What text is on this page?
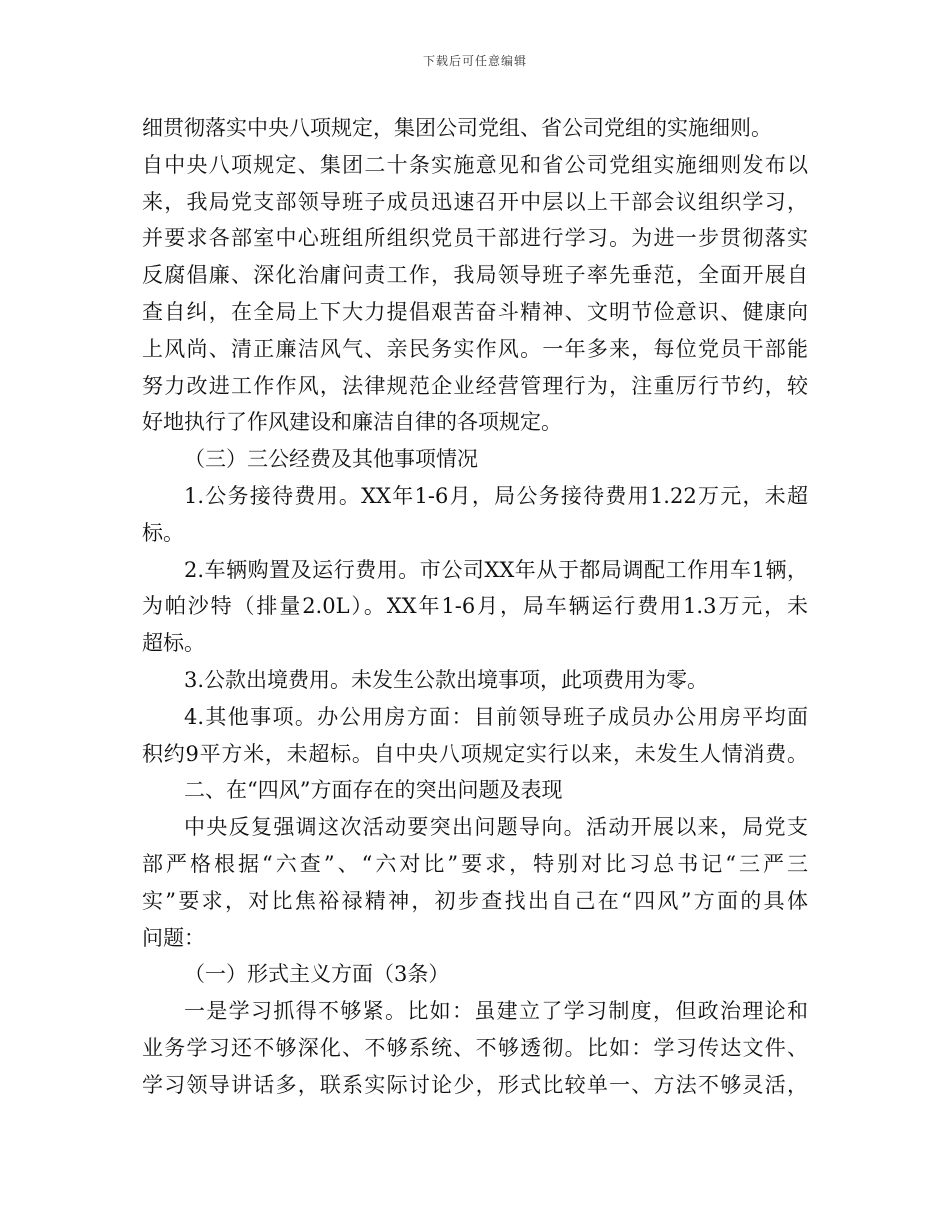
下载后可任意编辑
细贯彻落实中央八项规定，集团公司党组、省公司党组的实施细则。
自中央八项规定、集团二十条实施意见和省公司党组实施细则发布以
来，我局党支部领导班子成员迅速召开中层以上干部会议组织学习，
并要求各部室中心班组所组织党员干部进行学习。为进一步贯彻落实
反腐倡廉、深化治庸问责工作，我局领导班子率先垂范，全面开展自
查自纠，在全局上下大力提倡艰苦奋斗精神、文明节俭意识、健康向
上风尚、清正廉洁风气、亲民务实作风。一年多来，每位党员干部能
努力改进工作作风，法律规范企业经营管理行为，注重厉行节约，较
好地执行了作风建设和廉洁自律的各项规定。
（三）三公经费及其他事项情况
1.公务接待费用。XX年1-6月，局公务接待费用1.22万元，未超
标。
2.车辆购置及运行费用。市公司XX年从于都局调配工作用车1辆，
为帕沙特（排量2.0L）。XX年1-6月，局车辆运行费用1.3万元，未
超标。
3.公款出境费用。未发生公款出境事项，此项费用为零。
4.其他事项。办公用房方面：目前领导班子成员办公用房平均面
积约9平方米，未超标。自中央八项规定实行以来，未发生人情消费。
二、在“四风”方面存在的突出问题及表现
中央反复强调这次活动要突出问题导向。活动开展以来，局党支
部严格根据“六查”、“六对比”要求，特别对比习总书记“三严三
实”要求，对比焦裕禄精神，初步查找出自己在“四风”方面的具体
问题：
（一）形式主义方面（3条）
一是学习抓得不够紧。比如：虽建立了学习制度，但政治理论和
业务学习还不够深化、不够系统、不够透彻。比如：学习传达文件、
学习领导讲话多，联系实际讨论少，形式比较单一、方法不够灵活，
